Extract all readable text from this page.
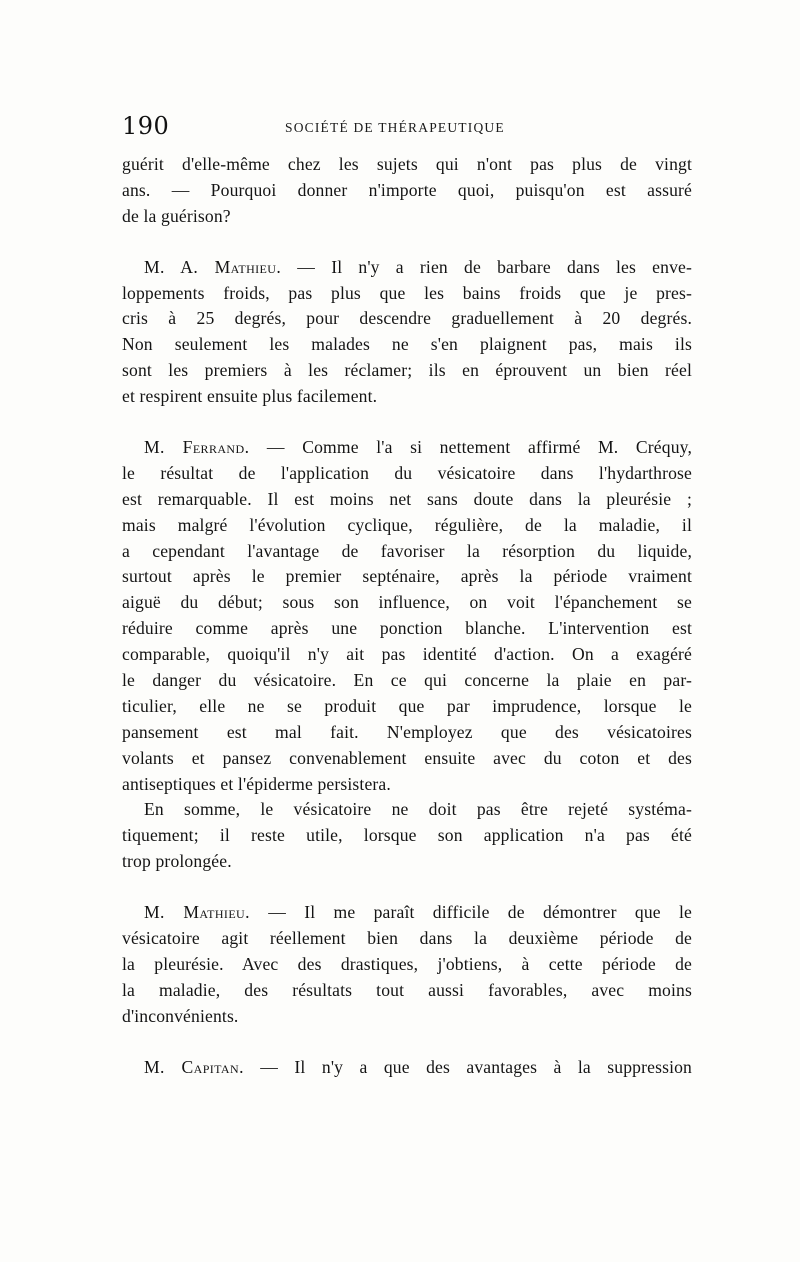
190	SOCIÉTÉ DE THÉRAPEUTIQUE
guérit d'elle-même chez les sujets qui n'ont pas plus de vingt
ans. — Pourquoi donner n'importe quoi, puisqu'on est assuré
de la guérison?
M. A. Mathieu. — Il n'y a rien de barbare dans les enve-
loppements froids, pas plus que les bains froids que je pres-
cris à 25 degrés, pour descendre graduellement à 20 degrés.
Non seulement les malades ne s'en plaignent pas, mais ils
sont les premiers à les réclamer; ils en éprouvent un bien réel
et respirent ensuite plus facilement.
M. Ferrand. — Comme l'a si nettement affirmé M. Créquy,
le résultat de l'application du vésicatoire dans l'hydarthrose
est remarquable. Il est moins net sans doute dans la pleurésie ;
mais malgré l'évolution cyclique, régulière, de la maladie, il
a cependant l'avantage de favoriser la résorption du liquide,
surtout après le premier septénaire, après la période vraiment
aiguë du début; sous son influence, on voit l'épanchement se
réduire comme après une ponction blanche. L'intervention est
comparable, quoiqu'il n'y ait pas identité d'action. On a exagéré
le danger du vésicatoire. En ce qui concerne la plaie en par-
ticulier, elle ne se produit que par imprudence, lorsque le
pansement est mal fait. N'employez que des vésicatoires
volants et pansez convenablement ensuite avec du coton et des
antiseptiques et l'épiderme persistera.
En somme, le vésicatoire ne doit pas être rejeté systéma-
tiquement; il reste utile, lorsque son application n'a pas été
trop prolongée.
M. Mathieu. — Il me paraît difficile de démontrer que le
vésicatoire agit réellement bien dans la deuxième période de
la pleurésie. Avec des drastiques, j'obtiens, à cette période de
la maladie, des résultats tout aussi favorables, avec moins
d'inconvénients.
M. Capitan. — Il n'y a que des avantages à la suppression
